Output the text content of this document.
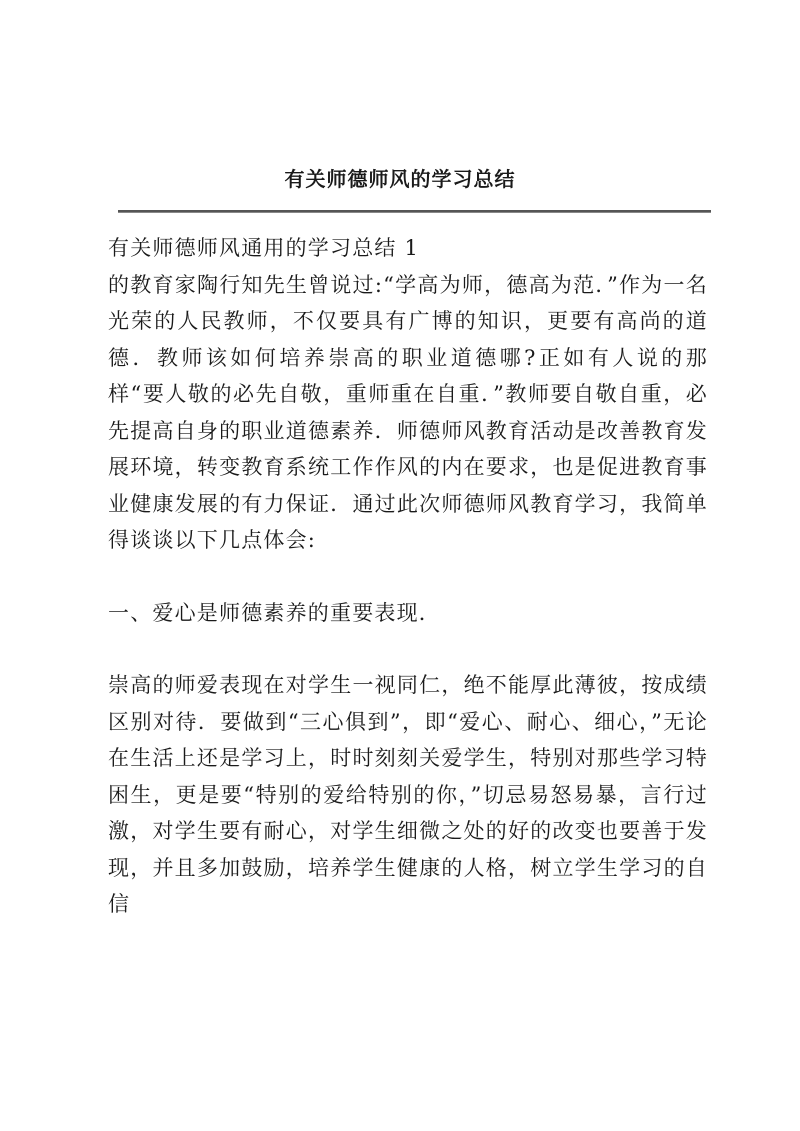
有关师德师风的学习总结

有关师德师风通用的学习总结 1

的教育家陶行知先生曾说过:“学高为师，德高为范．”作为一名光荣的人民教师，不仅要具有广博的知识，更要有高尚的道德．教师该如何培养崇高的职业道德哪?正如有人说的那样“要人敬的必先自敬，重师重在自重．”教师要自敬自重，必先提高自身的职业道德素养．师德师风教育活动是改善教育发展环境，转变教育系统工作作风的内在要求，也是促进教育事业健康发展的有力保证．通过此次师德师风教育学习，我简单得谈谈以下几点体会:

一、爱心是师德素养的重要表现．

崇高的师爱表现在对学生一视同仁，绝不能厚此薄彼，按成绩区别对待．要做到“三心俱到”，即“爱心、耐心、细心，”无论在生活上还是学习上，时时刻刻关爱学生，特别对那些学习特困生，更是要“特别的爱给特别的你，”切忌易怒易暴，言行过激，对学生要有耐心，对学生细微之处的好的改变也要善于发现，并且多加鼓励，培养学生健康的人格，树立学生学习的自信
